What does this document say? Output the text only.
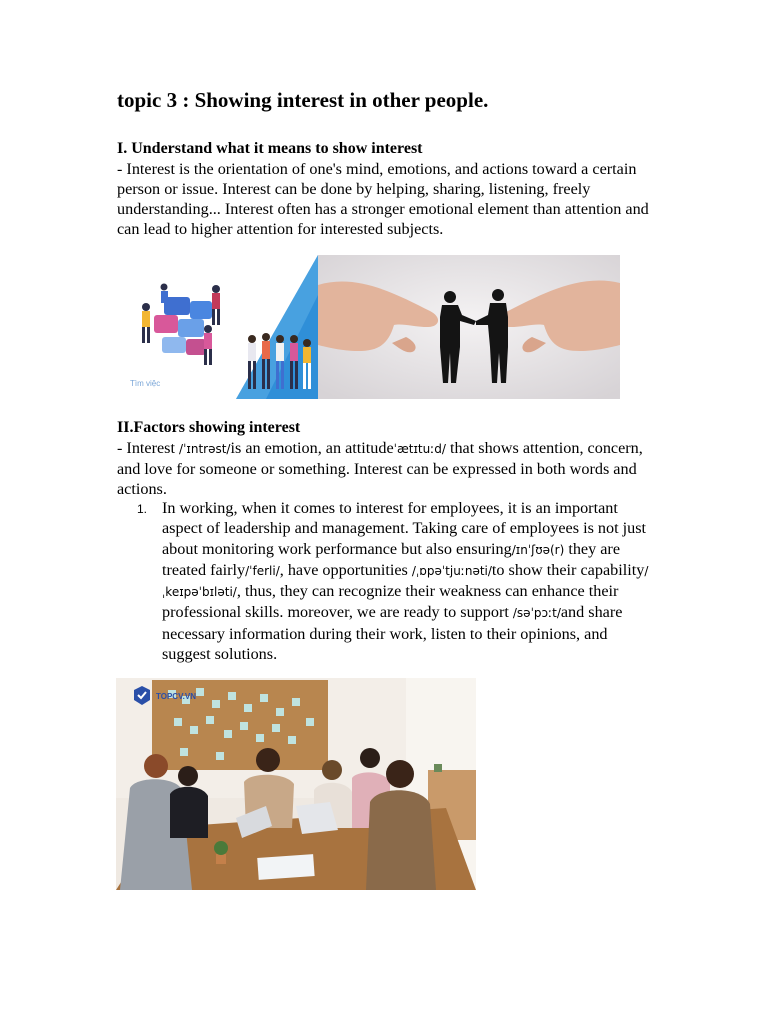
topic 3 : Showing interest in other people.
I. Understand what it means to show interest

- Interest is the orientation of one's mind, emotions, and actions toward a certain person or issue. Interest can be done by helping, sharing, listening, freely understanding... Interest often has a stronger emotional element than attention and can lead to higher attention for interested subjects.

Tìm việc
II.Factors showing interest

- Interest /ˈɪntrəst/is an emotion, an attitudeˈætɪtuːd/ that shows attention, concern, and love for someone or something. Interest can be expressed in both words and actions.

1. In working, when it comes to interest for employees, it is an important aspect of leadership and management. Taking care of employees is not just about monitoring work performance but also ensuring/ɪnˈʃʊə(r) they are treated fairly/ˈferli/, have opportunities /ˌɒpəˈtjuːnəti/to show their capability/ˌkeɪpəˈbɪləti/, thus, they can recognize their weakness can enhance their professional skills. moreover, we are ready to support /səˈpɔːt/and share necessary information during their work, listen to their opinions, and suggest solutions.
TOPCV.VN
